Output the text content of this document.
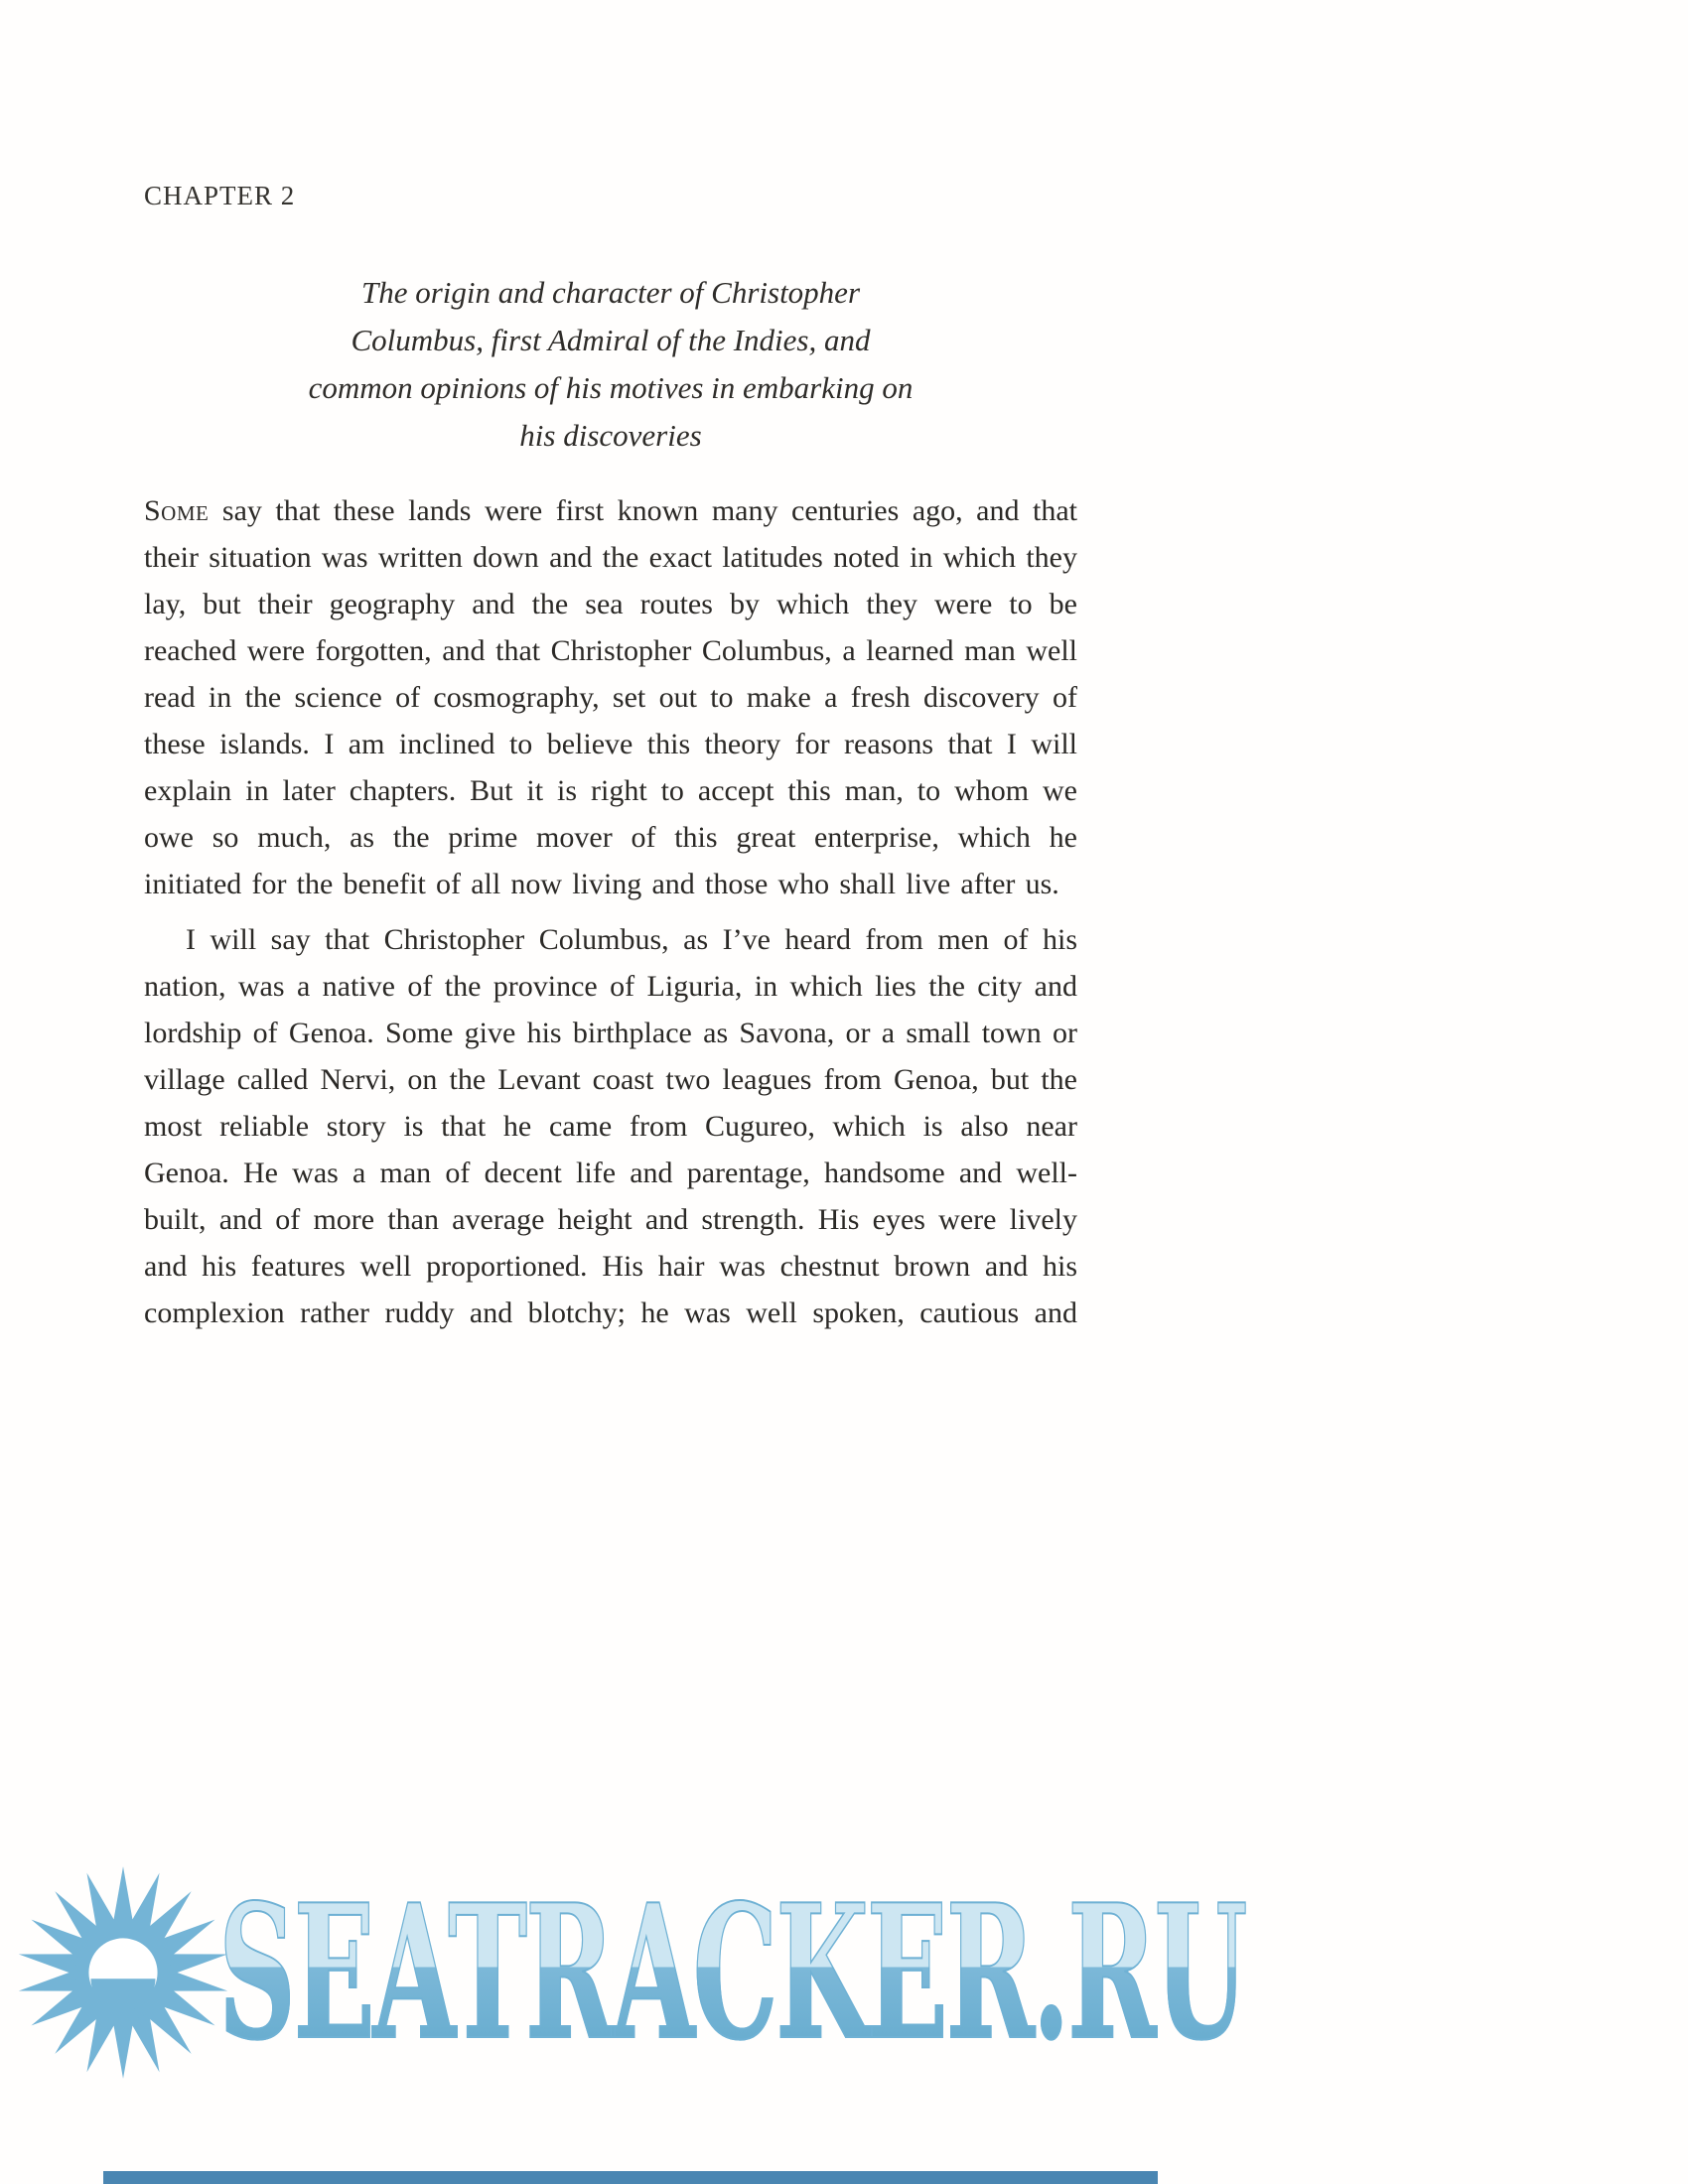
CHAPTER 2
The origin and character of Christopher
Columbus, first Admiral of the Indies, and
common opinions of his motives in embarking on
his discoveries

Some say that these lands were first known many centuries ago, and that their situation was written down and the exact latitudes noted in which they lay, but their geography and the sea routes by which they were to be reached were forgotten, and that Christopher Columbus, a learned man well read in the science of cosmography, set out to make a fresh discovery of these islands. I am inclined to believe this theory for reasons that I will explain in later chapters. But it is right to accept this man, to whom we owe so much, as the prime mover of this great enterprise, which he initiated for the benefit of all now living and those who shall live after us.

I will say that Christopher Columbus, as I’ve heard from men of his nation, was a native of the province of Liguria, in which lies the city and lordship of Genoa. Some give his birthplace as Savona, or a small town or village called Nervi, on the Levant coast two leagues from Genoa, but the most reliable story is that he came from Cugureo, which is also near Genoa. He was a man of decent life and parentage, handsome and well-built, and of more than average height and strength. His eyes were lively and his features well proportioned. His hair was chestnut brown and his complexion rather ruddy and blotchy; he was well spoken, cautious and

SEATRACKER.RU
